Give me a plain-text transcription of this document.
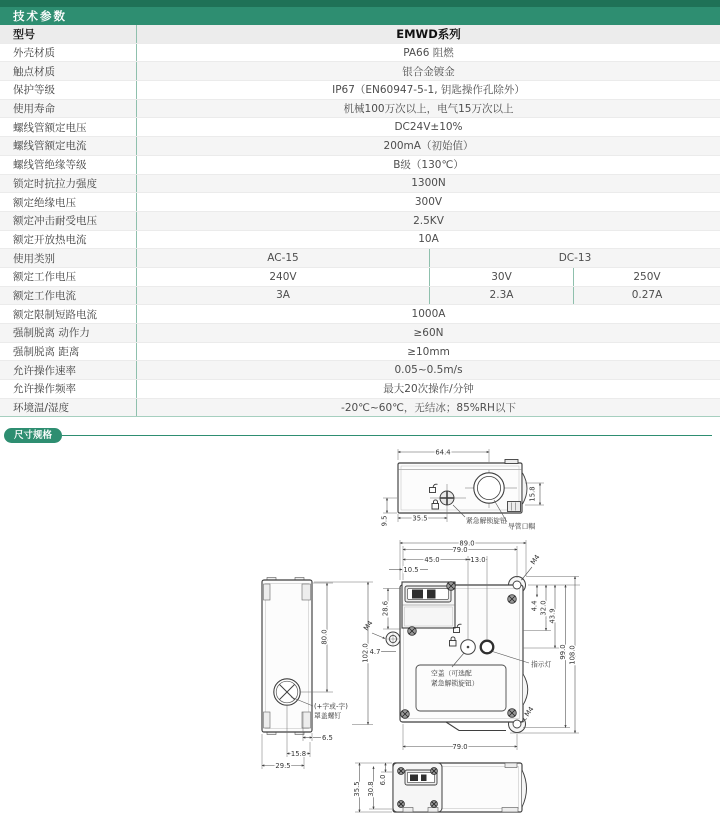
技术参数
型号	EMWD系列
外壳材质	PA66 阻燃
触点材质	银合金镀金
保护等级	IP67（EN60947-5-1, 钥匙操作孔除外）
使用寿命	机械100万次以上，电气15万次以上
螺线管额定电压	DC24V±10%
螺线管额定电流	200mA（初始值）
螺线管绝缘等级	B级（130℃）
锁定时抗拉力强度	1300N
额定绝缘电压	300V
额定冲击耐受电压	2.5KV
额定开放热电流	10A
使用类别	AC-15	DC-13
额定工作电压	240V	30V	250V
额定工作电流	3A	2.3A	0.27A
额定限制短路电流	1000A
强制脱离 动作力	≥60N
强制脱离 距离	≥10mm
允许操作速率	0.05~0.5m/s
允许操作频率	最大20次操作/分钟
环境温/湿度	-20℃~60℃，无结冰；85%RH以下
尺寸规格
64.4
15.8
9.5	35.5	紧急解锁旋钮
导管口帽
空盖（可选配
紧急解锁旋钮）
指示灯
89.0
79.0
45.0	13.0
10.5
M4
4.4 32.0
43.9
99.0 108.0
102.0
28.6
M4
4.7
79.0
M4
80.0
(+字或-字)
罩盖螺钉
6.5
15.8
29.5
35.5 30.8
6.0
